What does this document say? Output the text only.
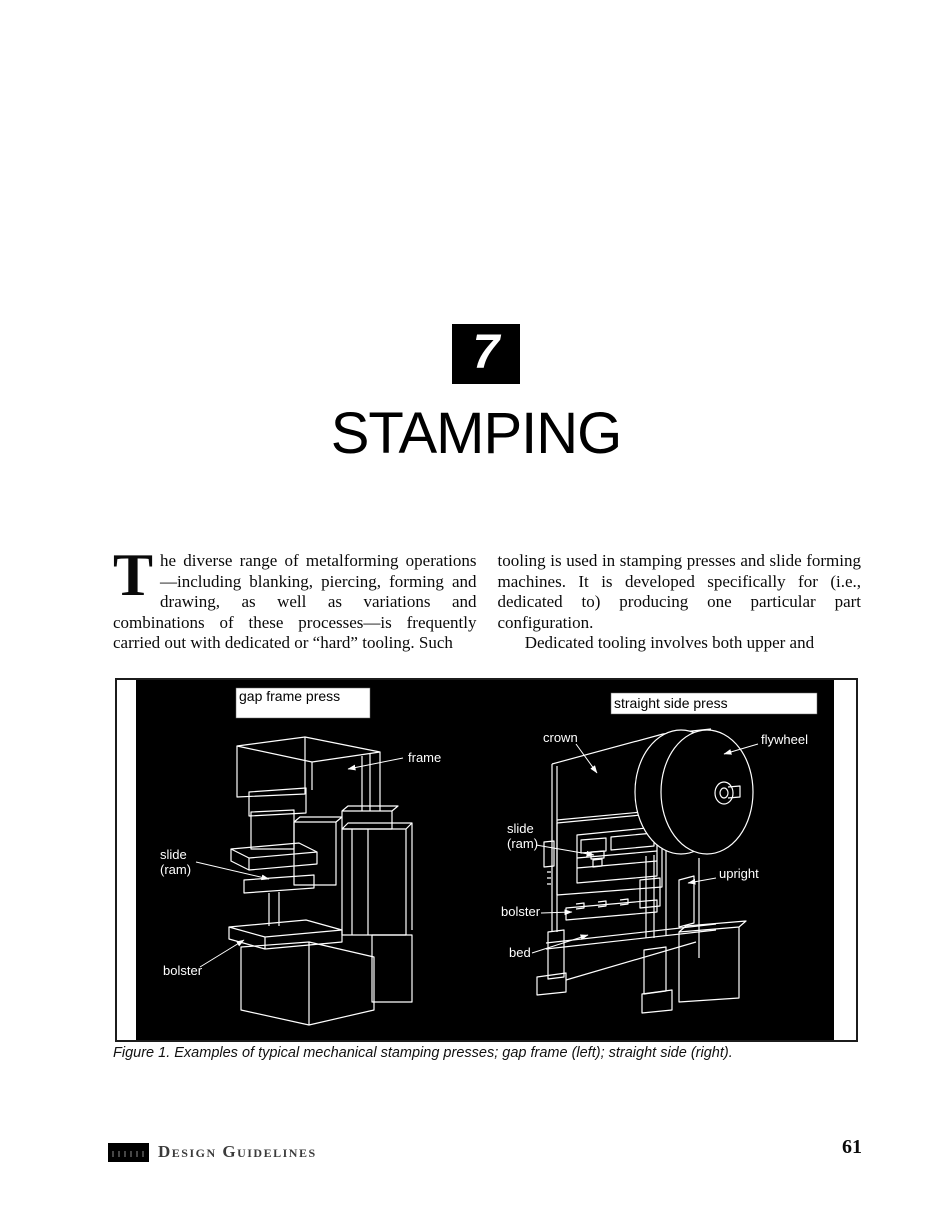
7
STAMPING
The diverse range of metalforming operations—including blanking, piercing, forming and drawing, as well as variations and combinations of these processes—is frequently carried out with dedicated or “hard” tooling. Such
tooling is used in stamping presses and slide forming machines. It is developed specifically for (i.e., dedicated to) producing one particular part configuration.
Dedicated tooling involves both upper and
gap frame press	straight side press
frame
slide
(ram)
bolster
crown	flywheel
slide
(ram)
upright
bolster
bed
Figure 1. Examples of typical mechanical stamping presses; gap frame (left); straight side (right).
Design Guidelines	61
